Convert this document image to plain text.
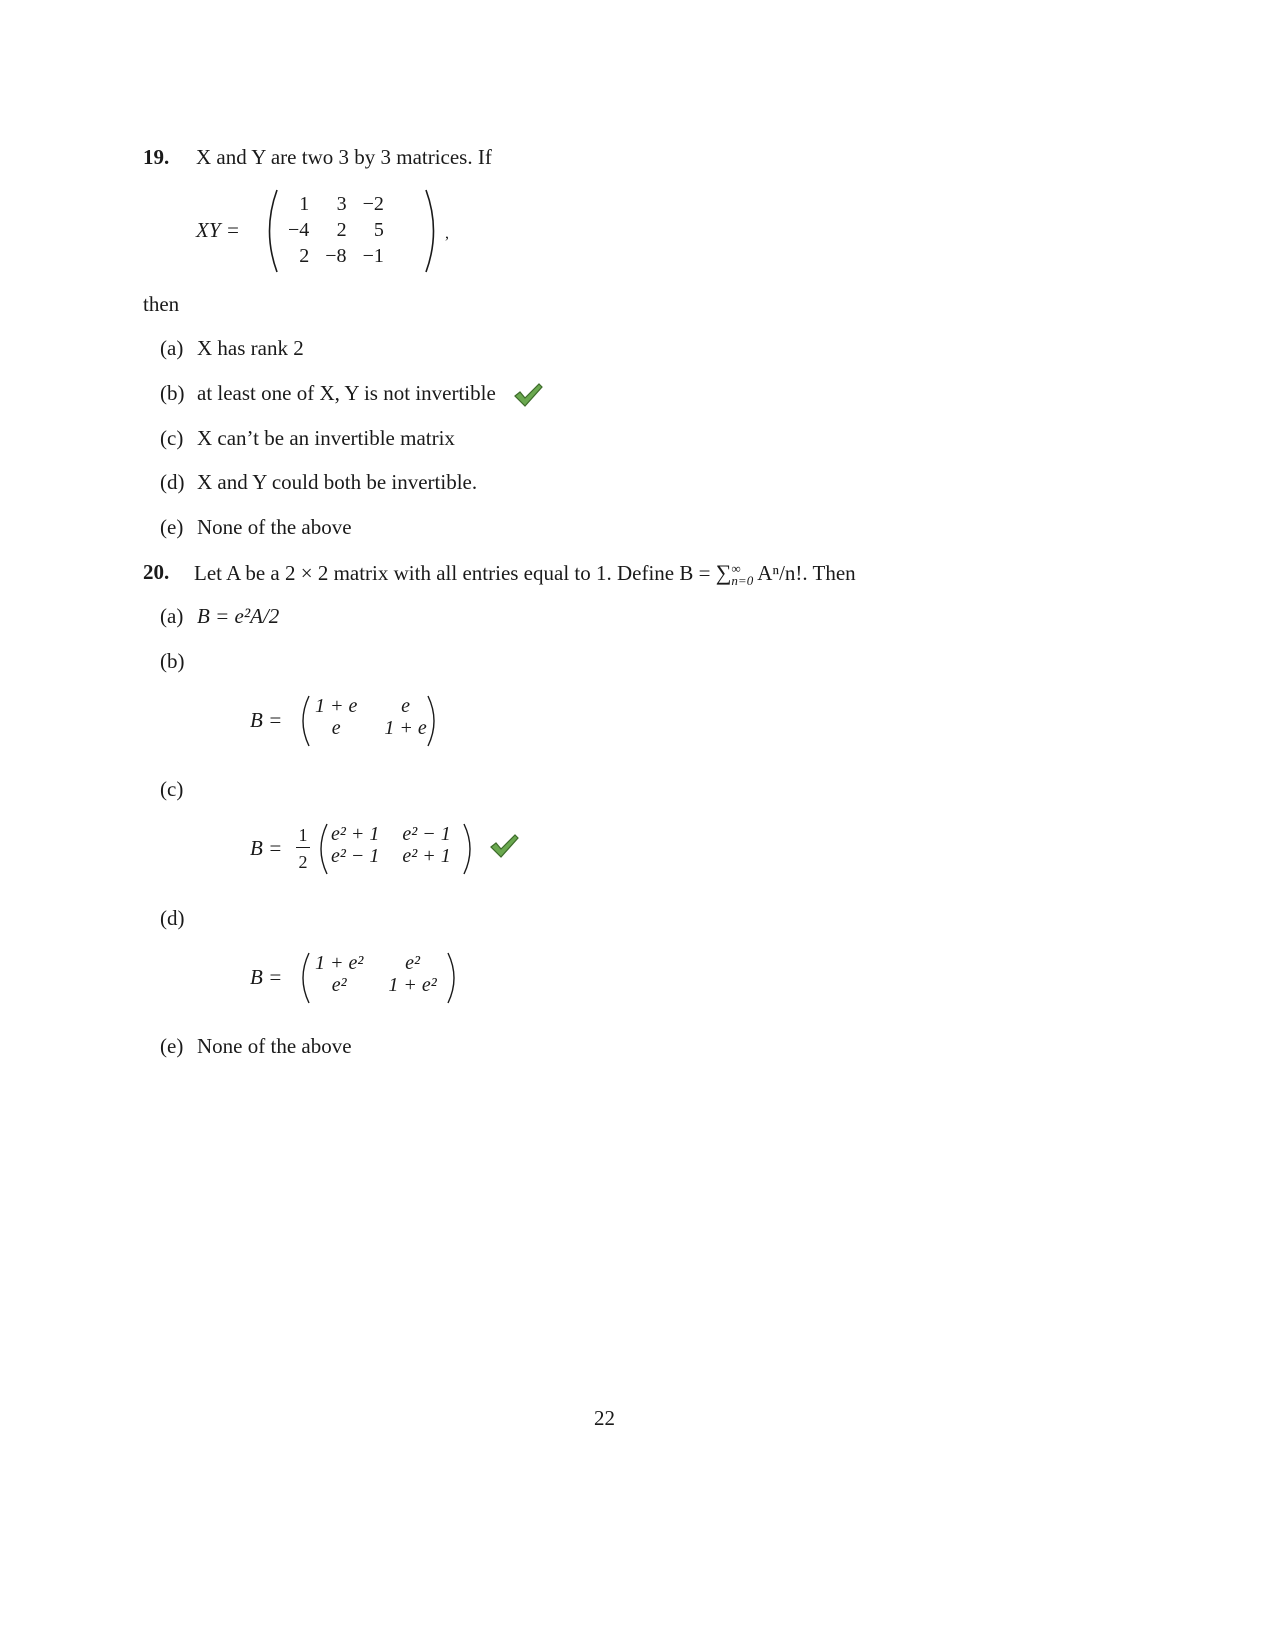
19. X and Y are two 3 by 3 matrices. If
XY =
1	3	−2
−4	2	5
2	−8	−1
,
then
(a) X has rank 2
(b) at least one of X, Y is not invertible
(c) X can’t be an invertible matrix
(d) X and Y could both be invertible.
(e) None of the above
20. Let A be a 2 × 2 matrix with all entries equal to 1. Define B = ∑∞
n=0 Aⁿ/n!. Then
(a) B = e²A/2
(b)
B =
1 + e	e
e	1 + e
(c)
B =
1
2
e² + 1	e² − 1
e² − 1	e² + 1
(d)
B =
1 + e²	e²
e²	1 + e²
(e) None of the above
22
